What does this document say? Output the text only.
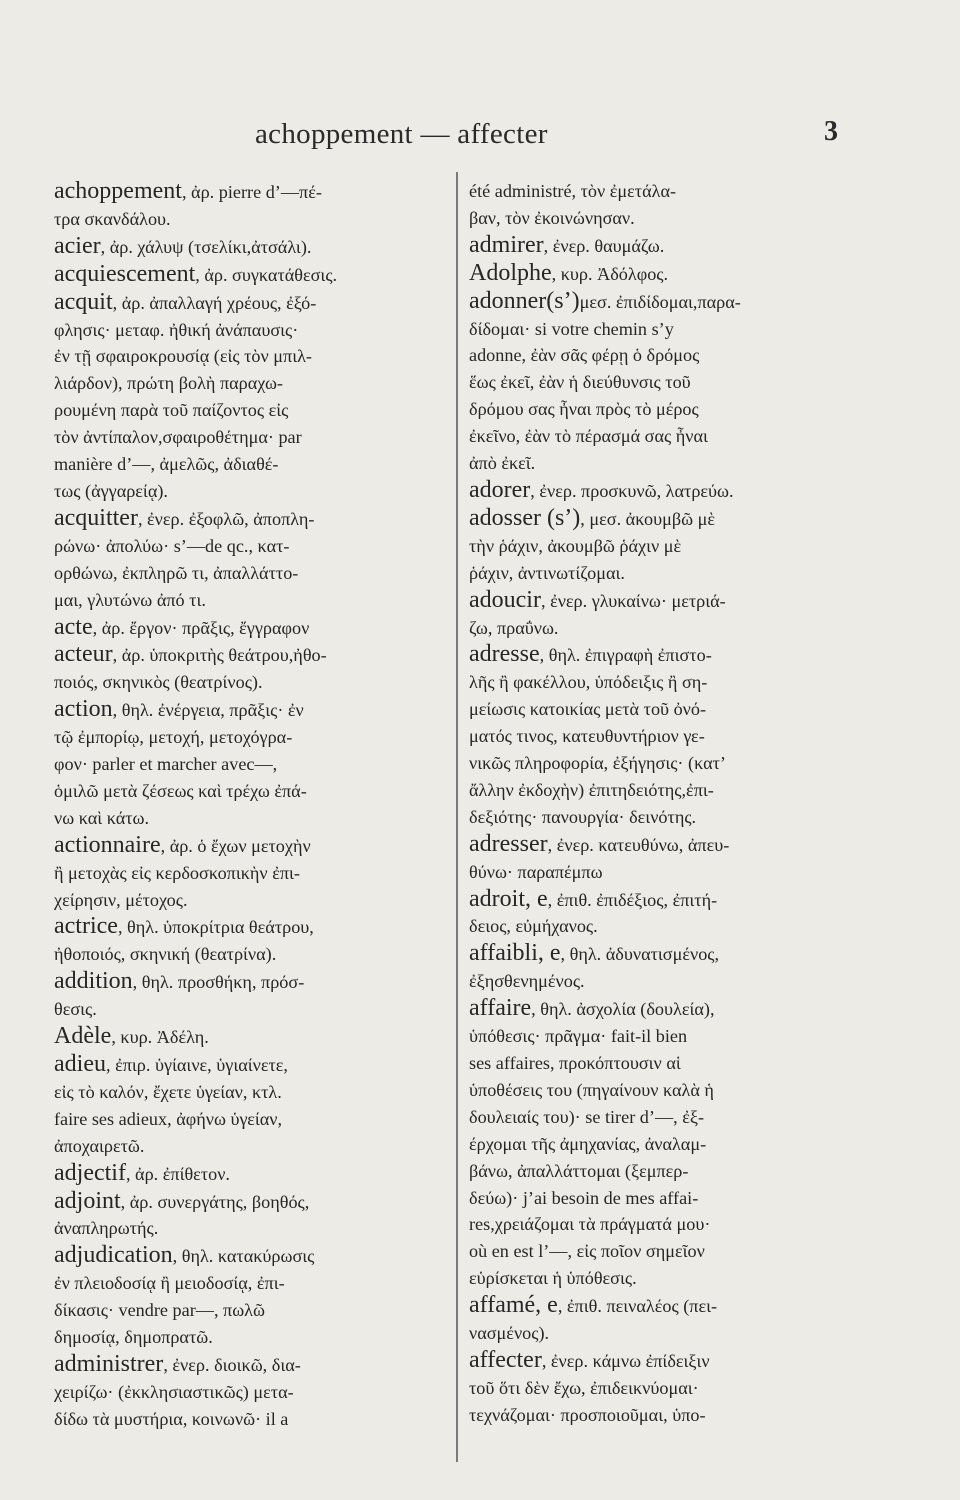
achoppement — affecter	3
achoppement, ἀρ. pierre d’—πέ-
τρα σκανδάλου.
acier, ἀρ. χάλυψ (τσελίκι,ἀτσάλι).
acquiescement, ἀρ. συγκατάθεσις.
acquit, ἀρ. ἀπαλλαγή χρέους, ἐξό-
φλησις· μεταφ. ἠθική ἀνάπαυσις·
ἐν τῇ σφαιροκρουσίᾳ (εἰς τὸν μπιλ-
λιάρδον), πρώτη βολὴ παραχω-
ρουμένη παρὰ τοῦ παίζοντος εἰς
τὸν ἀντίπαλον,σφαιροθέτημα· par
manière d’—, ἀμελῶς, ἀδιαθέ-
τως (ἀγγαρείᾳ).
acquitter, ἐνερ. ἐξοφλῶ, ἀποπλη-
ρώνω· ἀπολύω· s’—de qc., κατ-
ορθώνω, ἐκπληρῶ τι, ἀπαλλάττο-
μαι, γλυτώνω ἀπό τι.
acte, ἀρ. ἔργον· πρᾶξις, ἔγγραφον
acteur, ἀρ. ὑποκριτὴς θεάτρου,ἠθο-
ποιός, σκηνικὸς (θεατρίνος).
action, θηλ. ἐνέργεια, πρᾶξις· ἐν
τῷ ἐμπορίῳ, μετοχή, μετοχόγρα-
φον· parler et marcher avec—,
ὁμιλῶ μετὰ ζέσεως καὶ τρέχω ἐπά-
νω καὶ κάτω.
actionnaire, ἀρ. ὁ ἔχων μετοχὴν
ἢ μετοχὰς εἰς κερδοσκοπικὴν ἐπι-
χείρησιν, μέτοχος.
actrice, θηλ. ὑποκρίτρια θεάτρου,
ἠθοποιός, σκηνική (θεατρίνα).
addition, θηλ. προσθήκη, πρόσ-
θεσις.
Adèle, κυρ. Ἀδέλη.
adieu, ἐπιρ. ὑγίαινε, ὑγιαίνετε,
εἰς τὸ καλόν, ἔχετε ὑγείαν, κτλ.
faire ses adieux, ἀφήνω ὑγείαν,
ἀποχαιρετῶ.
adjectif, ἀρ. ἐπίθετον.
adjoint, ἀρ. συνεργάτης, βοηθός,
ἀναπληρωτής.
adjudication, θηλ. κατακύρωσις
ἐν πλειοδοσίᾳ ἢ μειοδοσίᾳ, ἐπι-
δίκασις· vendre par—, πωλῶ
δημοσίᾳ, δημοπρατῶ.
administrer, ἐνερ. διοικῶ, δια-
χειρίζω· (ἐκκλησιαστικῶς) μετα-
δίδω τὰ μυστήρια, κοινωνῶ· il a
été administré, τὸν ἐμετάλα-
βαν, τὸν ἐκοινώνησαν.
admirer, ἐνερ. θαυμάζω.
Adolphe, κυρ. Ἀδόλφος.
adonner(s’)μεσ. ἐπιδίδομαι,παρα-
δίδομαι· si votre chemin s’y
adonne, ἐὰν σᾶς φέρῃ ὁ δρόμος
ἕως ἐκεῖ, ἐὰν ἡ διεύθυνσις τοῦ
δρόμου σας ἦναι πρὸς τὸ μέρος
ἐκεῖνο, ἐὰν τὸ πέρασμά σας ἦναι
ἀπὸ ἐκεῖ.
adorer, ἐνερ. προσκυνῶ, λατρεύω.
adosser (s’), μεσ. ἀκουμβῶ μὲ
τὴν ῥάχιν, ἀκουμβῶ ῥάχιν μὲ
ῥάχιν, ἀντινωτίζομαι.
adoucir, ἐνερ. γλυκαίνω· μετριά-
ζω, πραΰνω.
adresse, θηλ. ἐπιγραφὴ ἐπιστο-
λῆς ἢ φακέλλου, ὑπόδειξις ἢ ση-
μείωσις κατοικίας μετὰ τοῦ ὀνό-
ματός τινος, κατευθυντήριον γε-
νικῶς πληροφορία, ἐξήγησις· (κατ’
ἄλλην ἐκδοχὴν) ἐπιτηδειότης,ἐπι-
δεξιότης· πανουργία· δεινότης.
adresser, ἐνερ. κατευθύνω, ἀπευ-
θύνω· παραπέμπω
adroit, e, ἐπιθ. ἐπιδέξιος, ἐπιτή-
δειος, εὐμήχανος.
affaibli, e, θηλ. ἀδυνατισμένος,
ἐξησθενημένος.
affaire, θηλ. ἀσχολία (δουλεία),
ὑπόθεσις· πρᾶγμα· fait-il bien
ses affaires, προκόπτουσιν αἱ
ὑποθέσεις του (πηγαίνουν καλὰ ἡ
δουλειαίς του)· se tirer d’—, ἐξ-
έρχομαι τῆς ἀμηχανίας, ἀναλαμ-
βάνω, ἀπαλλάττομαι (ξεμπερ-
δεύω)· j’ai besoin de mes affai-
res,χρειάζομαι τὰ πράγματά μου·
où en est l’—, εἰς ποῖον σημεῖον
εὑρίσκεται ἡ ὑπόθεσις.
affamé, e, ἐπιθ. πειναλέος (πει-
νασμένος).
affecter, ἐνερ. κάμνω ἐπίδειξιν
τοῦ ὅτι δὲν ἔχω, ἐπιδεικνύομαι·
τεχνάζομαι· προσποιοῦμαι, ὑπο-
